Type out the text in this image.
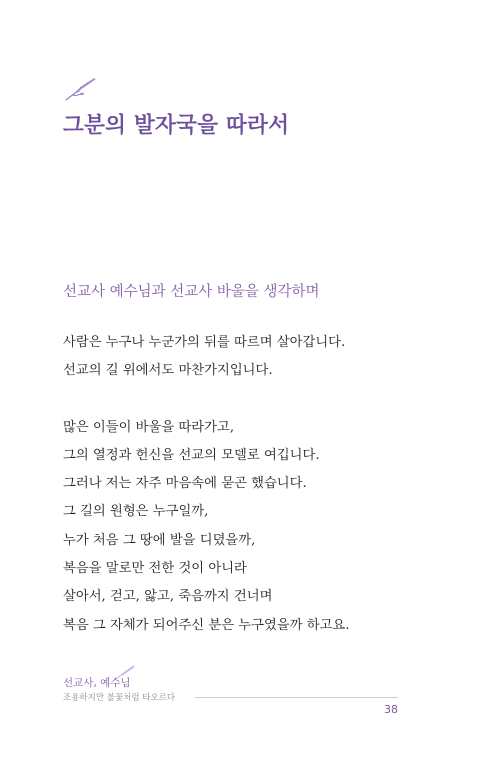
그분의 발자국을 따라서
선교사 예수님과 선교사 바울을 생각하며
사람은 누구나 누군가의 뒤를 따르며 살아갑니다.
선교의 길 위에서도 마찬가지입니다.
많은 이들이 바울을 따라가고,
그의 열정과 헌신을 선교의 모델로 여깁니다.
그러나 저는 자주 마음속에 묻곤 했습니다.
그 길의 원형은 누구일까,
누가 처음 그 땅에 발을 디뎠을까,
복음을 말로만 전한 것이 아니라
살아서, 걷고, 앓고, 죽음까지 건너며
복음 그 자체가 되어주신 분은 누구였을까 하고요.
선교사, 예수님
조용하지만 불꽃처럼 타오르다
38
